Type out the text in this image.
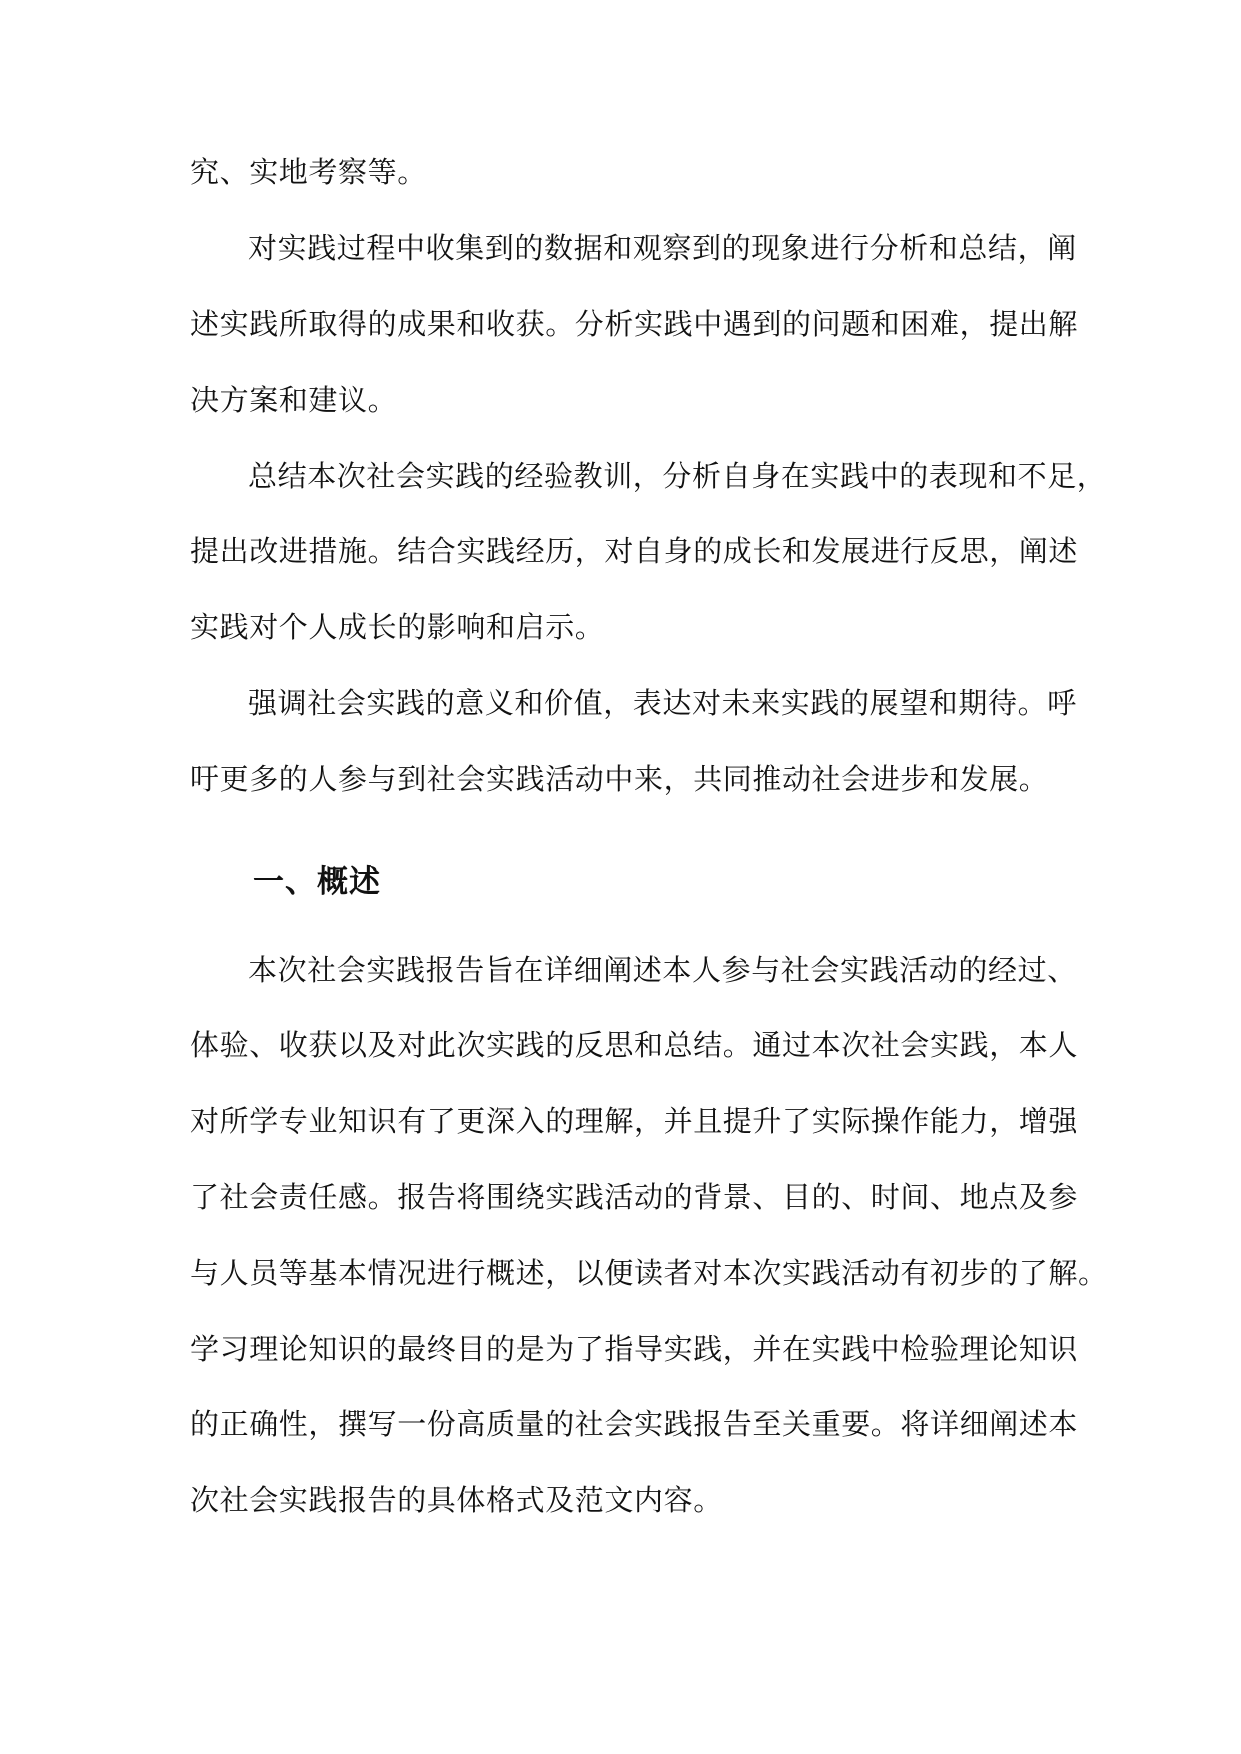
究、实地考察等。
对实践过程中收集到的数据和观察到的现象进行分析和总结，阐
述实践所取得的成果和收获。分析实践中遇到的问题和困难，提出解
决方案和建议。
总结本次社会实践的经验教训，分析自身在实践中的表现和不足，
提出改进措施。结合实践经历，对自身的成长和发展进行反思，阐述
实践对个人成长的影响和启示。
强调社会实践的意义和价值，表达对未来实践的展望和期待。呼
吁更多的人参与到社会实践活动中来，共同推动社会进步和发展。
一、概述
本次社会实践报告旨在详细阐述本人参与社会实践活动的经过、
体验、收获以及对此次实践的反思和总结。通过本次社会实践，本人
对所学专业知识有了更深入的理解，并且提升了实际操作能力，增强
了社会责任感。报告将围绕实践活动的背景、目的、时间、地点及参
与人员等基本情况进行概述，以便读者对本次实践活动有初步的了解。
学习理论知识的最终目的是为了指导实践，并在实践中检验理论知识
的正确性，撰写一份高质量的社会实践报告至关重要。将详细阐述本
次社会实践报告的具体格式及范文内容。
